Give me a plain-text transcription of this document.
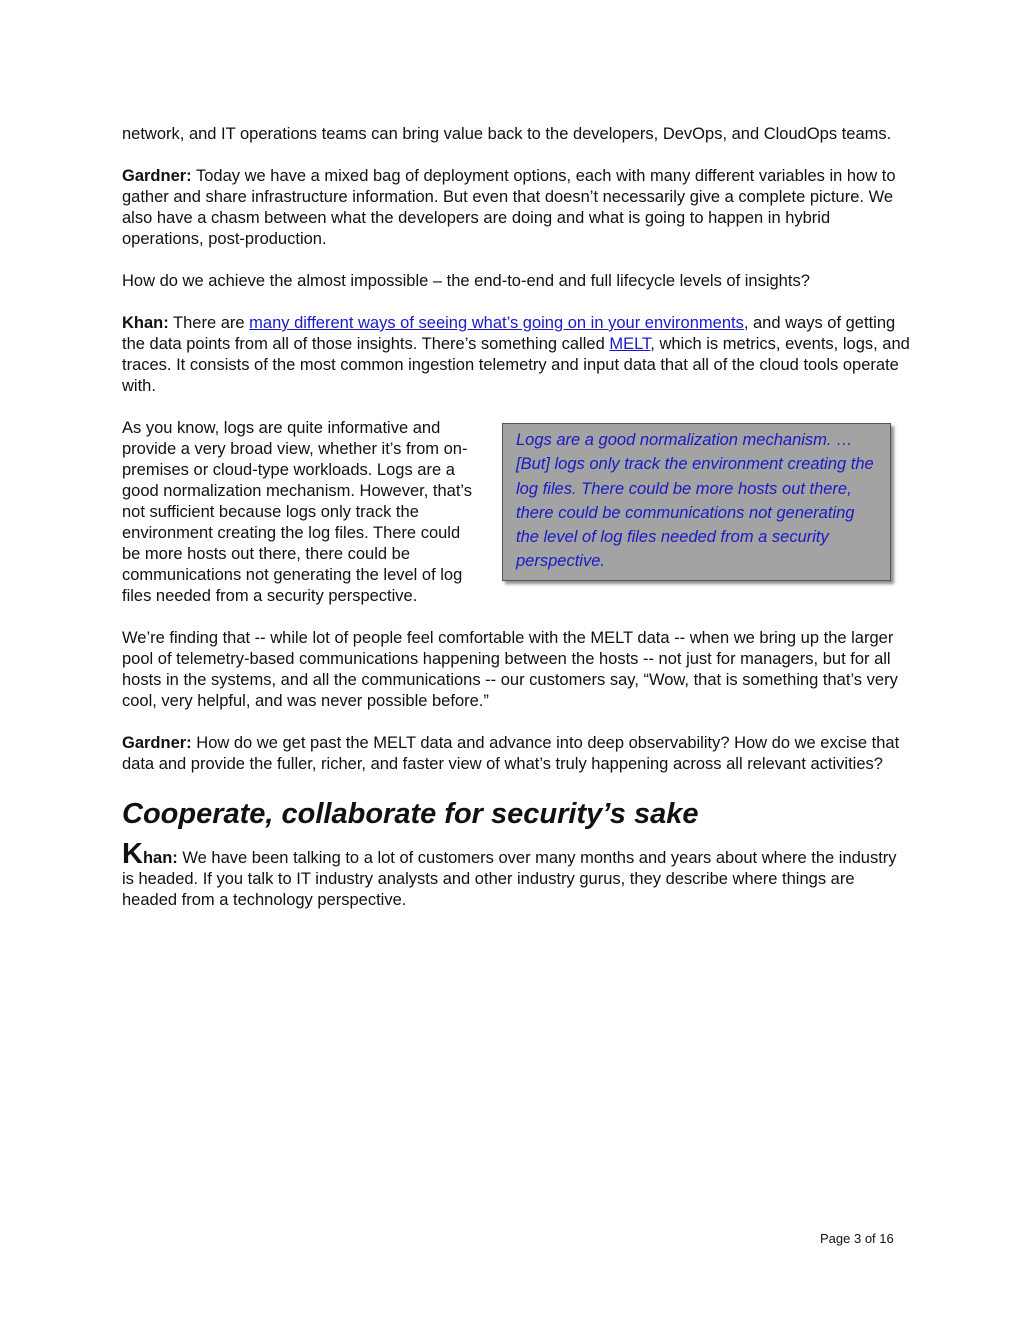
network, and IT operations teams can bring value back to the developers, DevOps, and CloudOps teams.

Gardner: Today we have a mixed bag of deployment options, each with many different variables in how to gather and share infrastructure information. But even that doesn’t necessarily give a complete picture. We also have a chasm between what the developers are doing and what is going to happen in hybrid operations, post-production.

How do we achieve the almost impossible – the end-to-end and full lifecycle levels of insights?

Khan: There are many different ways of seeing what’s going on in your environments, and ways of getting the data points from all of those insights. There’s something called MELT, which is metrics, events, logs, and traces. It consists of the most common ingestion telemetry and input data that all of the cloud tools operate with.

As you know, logs are quite informative and provide a very broad view, whether it’s from on-premises or cloud-type workloads. Logs are a good normalization mechanism. However, that’s not sufficient because logs only track the environment creating the log files. There could be more hosts out there, there could be communications not generating the level of log files needed from a security perspective.
Logs are a good normalization mechanism. … [But] logs only track the environment creating the log files. There could be more hosts out there, there could be communications not generating the level of log files needed from a security perspective.

We’re finding that -- while lot of people feel comfortable with the MELT data -- when we bring up the larger pool of telemetry-based communications happening between the hosts -- not just for managers, but for all hosts in the systems, and all the communications -- our customers say, “Wow, that is something that’s very cool, very helpful, and was never possible before.”

Gardner: How do we get past the MELT data and advance into deep observability? How do we excise that data and provide the fuller, richer, and faster view of what’s truly happening across all relevant activities?

Cooperate, collaborate for security’s sake

Khan: We have been talking to a lot of customers over many months and years about where the industry is headed. If you talk to IT industry analysts and other industry gurus, they describe where things are headed from a technology perspective.

Page 3 of 16
